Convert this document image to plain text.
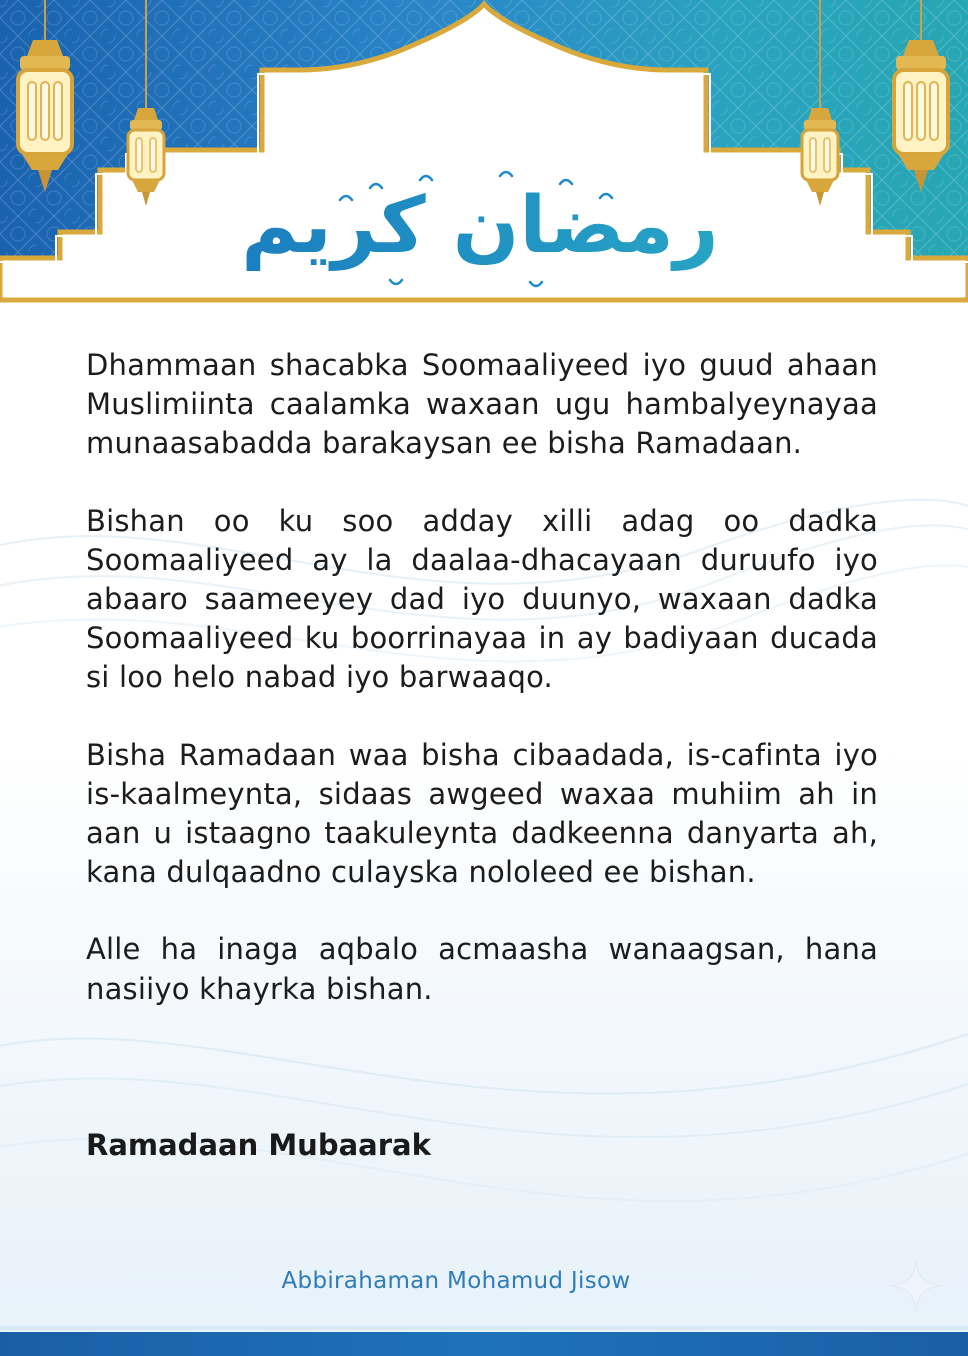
رمضان كريم

Dhammaan shacabka Soomaaliyeed iyo guud ahaan Muslimiinta caalamka waxaan ugu hambalyeynayaa munaasabadda barakaysan ee bisha Ramadaan.

Bishan oo ku soo adday xilli adag oo dadka Soomaaliyeed ay la daalaa-dhacayaan duruufo iyo abaaro saameeyey dad iyo duunyo, waxaan dadka Soomaaliyeed ku boorrinayaa in ay badiyaan ducada si loo helo nabad iyo barwaaqo.

Bisha Ramadaan waa bisha cibaadada, is-cafinta iyo is-kaalmeynta, sidaas awgeed waxaa muhiim ah in aan u istaagno taakuleynta dadkeenna danyarta ah, kana dulqaadno culayska nololeed ee bishan.

Alle ha inaga aqbalo acmaasha wanaagsan, hana nasiiyo khayrka bishan.

Ramadaan Mubaarak
Abbirahaman Mohamud Jisow
